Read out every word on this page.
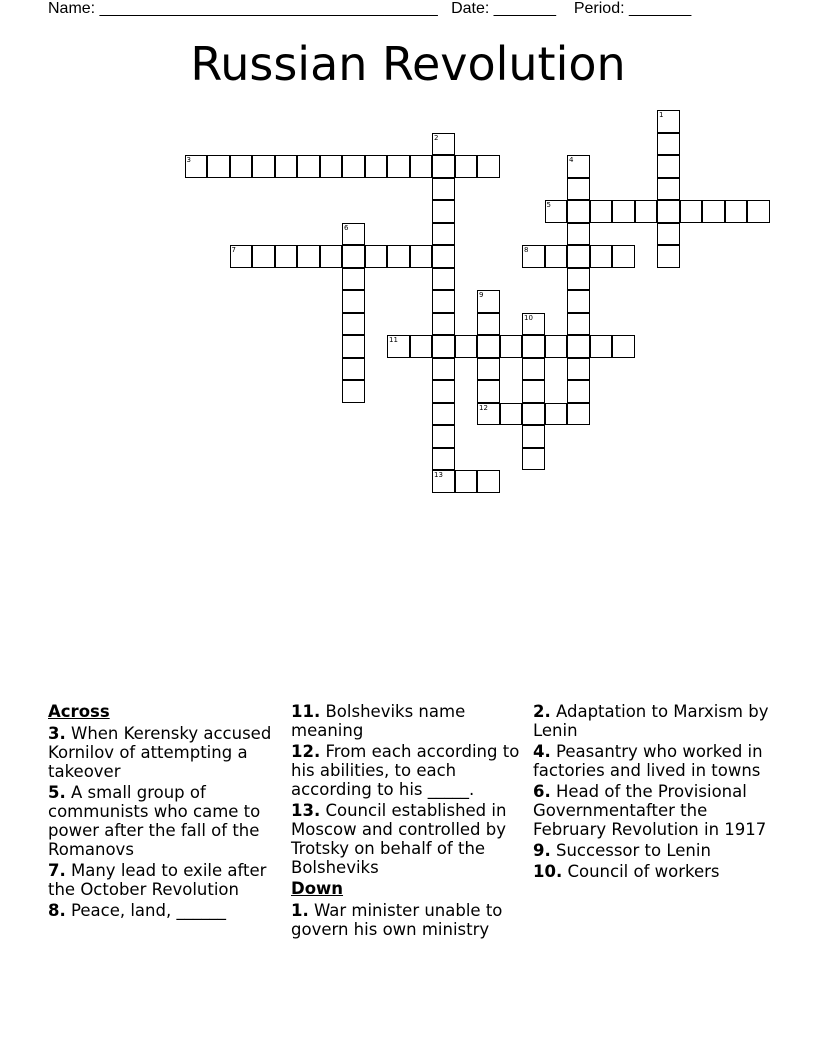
Name: ______________________________________ Date: _______ Period: _______
Russian Revolution
1
2
13
3	4
5
6
7	8
9
12
10
11
Across
3. When Kerensky accused Kornilov of attempting a takeover
5. A small group of communists who came to power after the fall of the Romanovs
7. Many lead to exile after the October Revolution
8. Peace, land, ______
11. Bolsheviks name meaning
12. From each according to his abilities, to each according to his _____.
13. Council established in Moscow and controlled by Trotsky on behalf of the Bolsheviks
Down
1. War minister unable to govern his own ministry
2. Adaptation to Marxism by Lenin
4. Peasantry who worked in factories and lived in towns
6. Head of the Provisional Governmentafter the February Revolution in 1917
9. Successor to Lenin
10. Council of workers
